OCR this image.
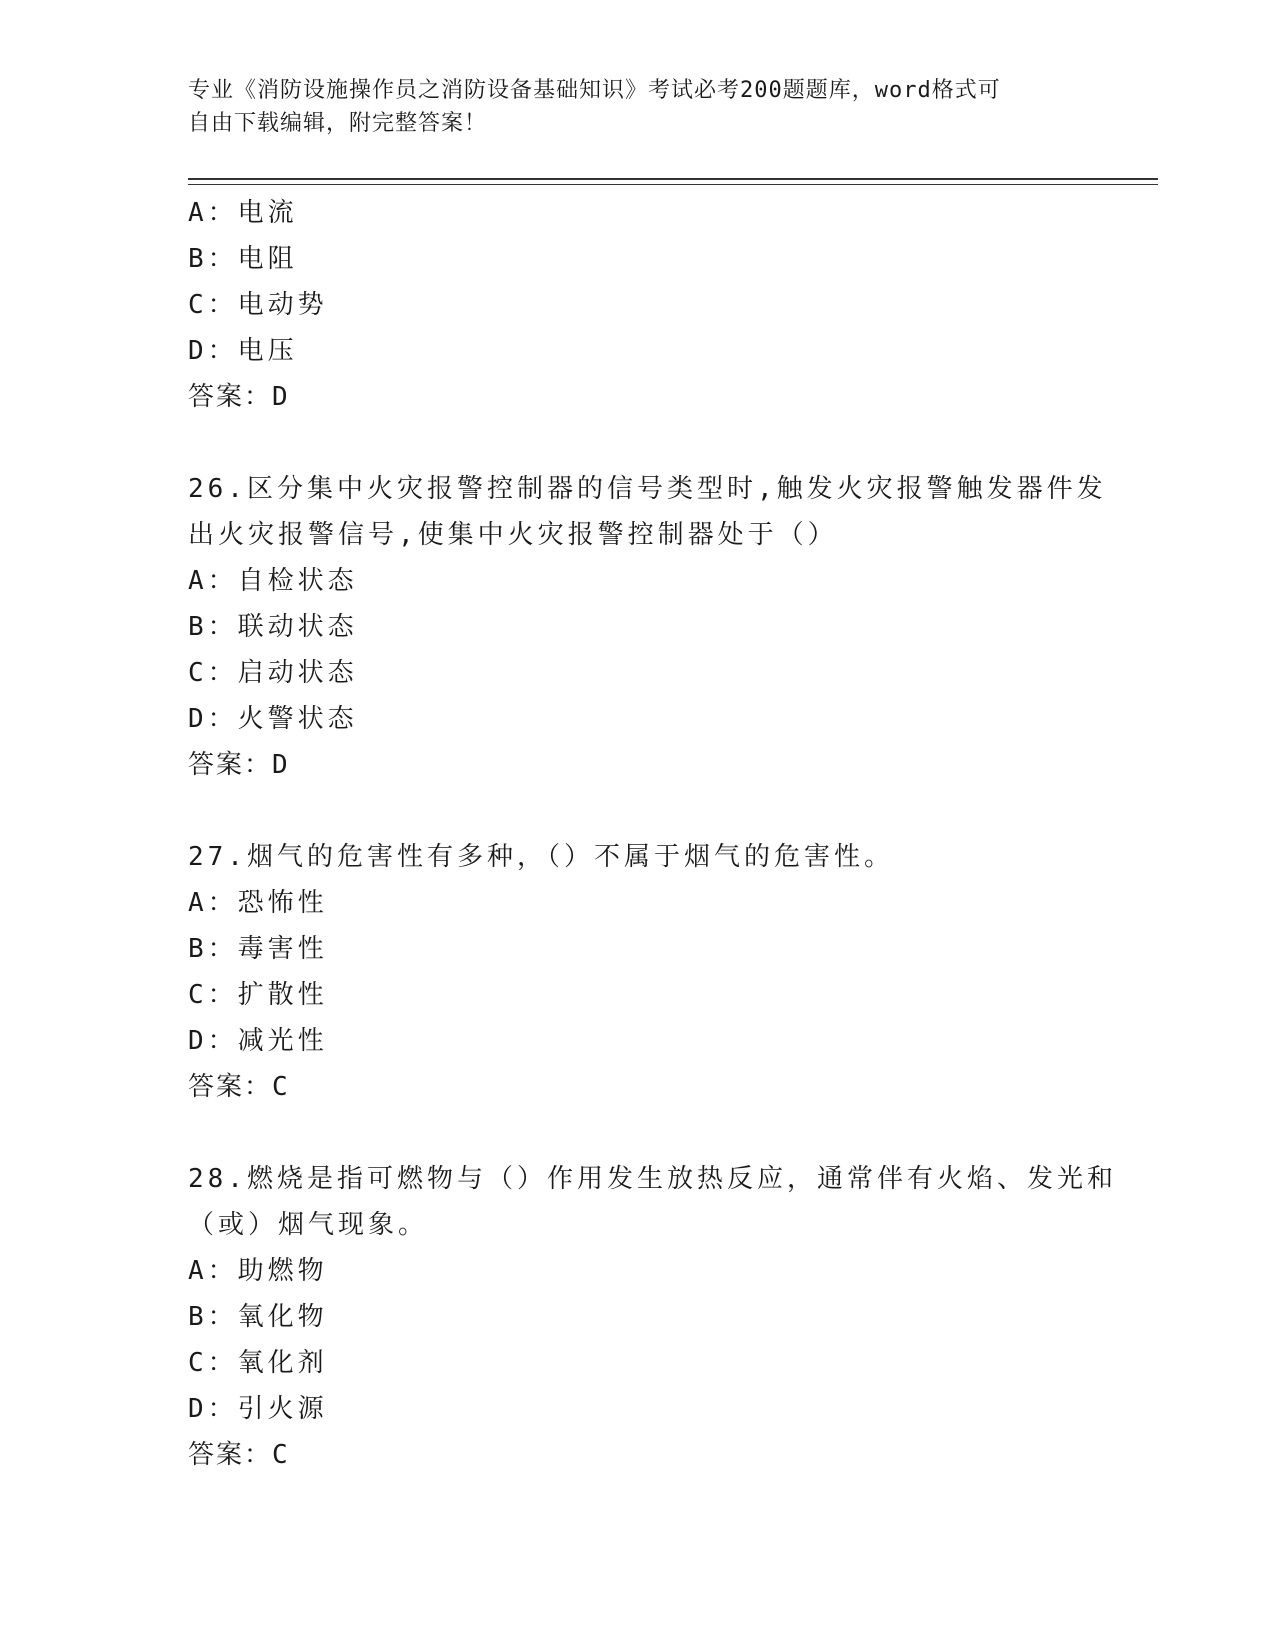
专业《消防设施操作员之消防设备基础知识》考试必考200题题库，word格式可
自由下载编辑，附完整答案！
A：电流
B：电阻
C：电动势
D：电压
答案：D
26.区分集中火灾报警控制器的信号类型时,触发火灾报警触发器件发
出火灾报警信号,使集中火灾报警控制器处于（）
A：自检状态
B：联动状态
C：启动状态
D：火警状态
答案：D
27.烟气的危害性有多种，（）不属于烟气的危害性。
A：恐怖性
B：毒害性
C：扩散性
D：减光性
答案：C
28.燃烧是指可燃物与（）作用发生放热反应，通常伴有火焰、发光和
（或）烟气现象。
A：助燃物
B：氧化物
C：氧化剂
D：引火源
答案：C
